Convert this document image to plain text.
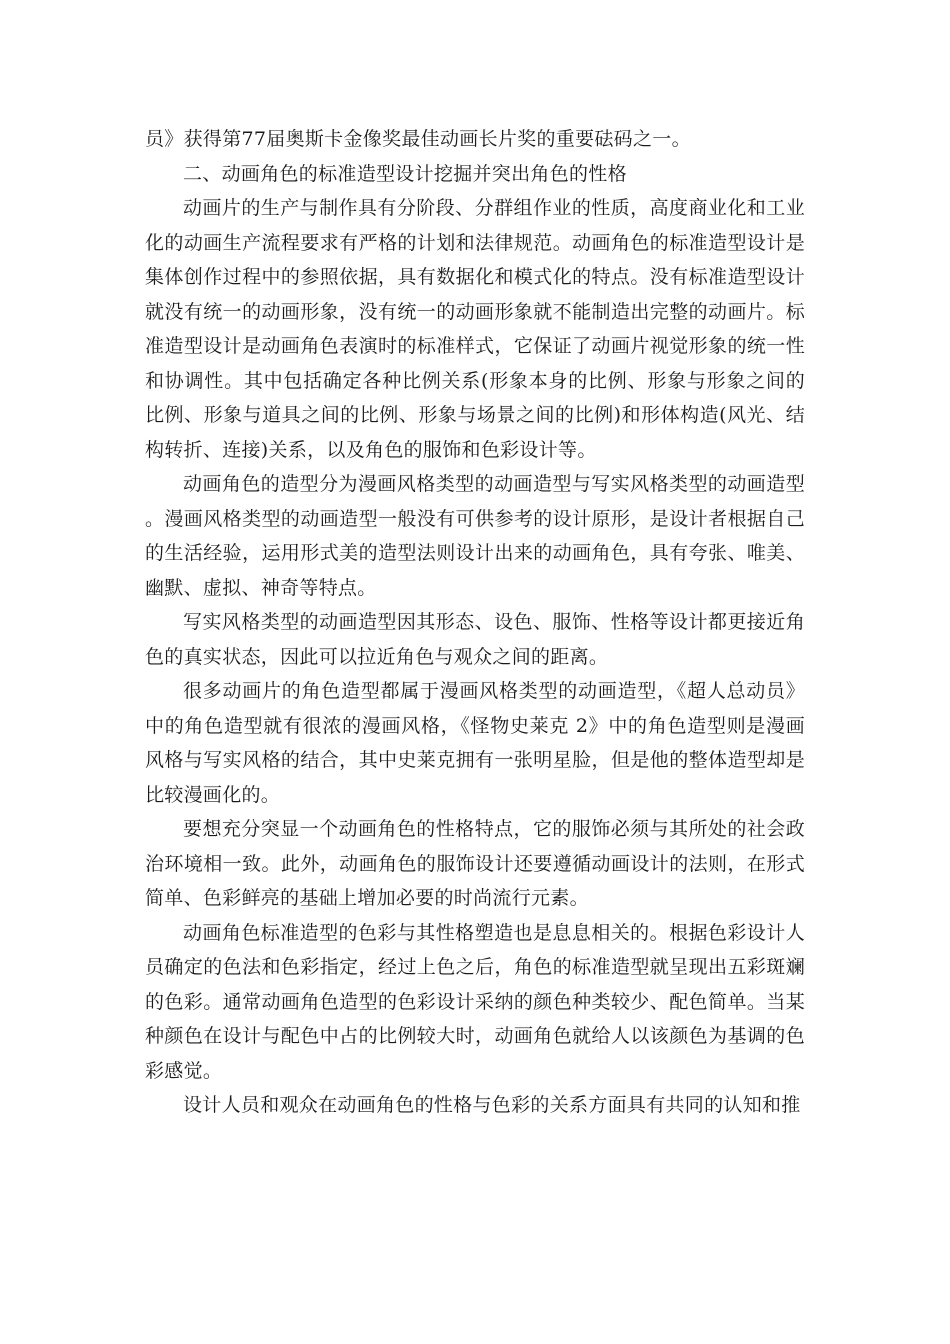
员》获得第77届奥斯卡金像奖最佳动画长片奖的重要砝码之一。

二、动画角色的标准造型设计挖掘并突出角色的性格

动画片的生产与制作具有分阶段、分群组作业的性质，高度商业化和工业化的动画生产流程要求有严格的计划和法律规范。动画角色的标准造型设计是集体创作过程中的参照依据，具有数据化和模式化的特点。没有标准造型设计就没有统一的动画形象，没有统一的动画形象就不能制造出完整的动画片。标准造型设计是动画角色表演时的标准样式，它保证了动画片视觉形象的统一性和协调性。其中包括确定各种比例关系(形象本身的比例、形象与形象之间的比例、形象与道具之间的比例、形象与场景之间的比例)和形体构造(风光、结构转折、连接)关系，以及角色的服饰和色彩设计等。

动画角色的造型分为漫画风格类型的动画造型与写实风格类型的动画造型 。漫画风格类型的动画造型一般没有可供参考的设计原形，是设计者根据自己的生活经验，运用形式美的造型法则设计出来的动画角色，具有夸张、唯美、幽默、虚拟、神奇等特点。

写实风格类型的动画造型因其形态、设色、服饰、性格等设计都更接近角色的真实状态，因此可以拉近角色与观众之间的距离。

很多动画片的角色造型都属于漫画风格类型的动画造型，《超人总动员》中的角色造型就有很浓的漫画风格，《怪物史莱克 2》中的角色造型则是漫画风格与写实风格的结合，其中史莱克拥有一张明星脸，但是他的整体造型却是比较漫画化的。

要想充分突显一个动画角色的性格特点，它的服饰必须与其所处的社会政治环境相一致。此外，动画角色的服饰设计还要遵循动画设计的法则，在形式简单、色彩鲜亮的基础上增加必要的时尚流行元素。

动画角色标准造型的色彩与其性格塑造也是息息相关的。根据色彩设计人员确定的色法和色彩指定，经过上色之后，角色的标准造型就呈现出五彩斑斓的色彩。通常动画角色造型的色彩设计采纳的颜色种类较少、配色简单。当某种颜色在设计与配色中占的比例较大时，动画角色就给人以该颜色为基调的色彩感觉。

设计人员和观众在动画角色的性格与色彩的关系方面具有共同的认知和推
